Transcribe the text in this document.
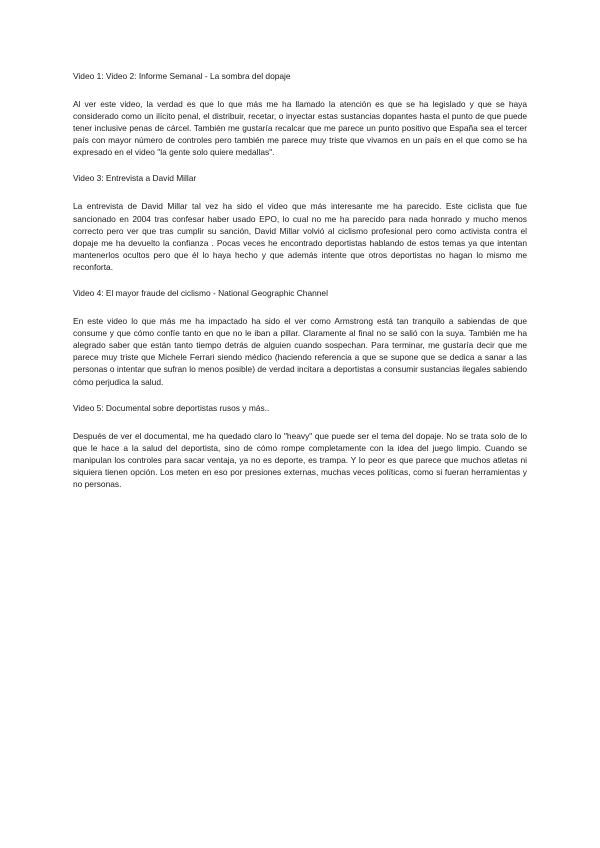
Video 1: Video 2: Informe Semanal - La sombra del dopaje

Al ver este video, la verdad es que lo que más me ha llamado la atención es que se ha legislado y que se haya considerado como un ilícito penal, el distribuir, recetar, o inyectar estas sustancias dopantes hasta el punto de que puede tener inclusive penas de cárcel. También me gustaría recalcar que me parece un punto positivo que España sea el tercer país con mayor número de controles pero también me parece muy triste que vivamos en un país en el que como se ha expresado en el video "la gente solo quiere medallas".

Video 3: Entrevista a David Millar

La entrevista de David Millar tal vez ha sido el video que más interesante me ha parecido. Este ciclista que fue sancionado en 2004 tras confesar haber usado EPO, lo cual no me ha parecido para nada honrado y mucho menos correcto pero ver que tras cumplir su sanción, David Millar volvió al ciclismo profesional pero como activista contra el dopaje me ha devuelto la confianza . Pocas veces he encontrado deportistas hablando de estos temas ya que intentan mantenerlos ocultos pero que él lo haya hecho y que además intente que otros deportistas no hagan lo mismo me reconforta.

Video 4: El mayor fraude del ciclismo - National Geographic Channel

En este video lo que más me ha impactado ha sido el ver como Armstrong está tan tranquilo a sabiendas de que consume y que cómo confíe tanto en que no le iban a pillar. Claramente al final no se salió con la suya. También me ha alegrado saber que están tanto tiempo detrás de alguien cuando sospechan. Para terminar, me gustaría decir que me parece muy triste que Michele Ferrari siendo médico (haciendo referencia a que se supone que se dedica a sanar a las personas o intentar que sufran lo menos posible) de verdad incitara a deportistas a consumir sustancias ilegales sabiendo cómo perjudica la salud.

Video 5: Documental sobre deportistas rusos y más..

Después de ver el documental, me ha quedado claro lo "heavy" que puede ser el tema del dopaje. No se trata solo de lo que le hace a la salud del deportista, sino de cómo rompe completamente con la idea del juego limpio. Cuando se manipulan los controles para sacar ventaja, ya no es deporte, es trampa. Y lo peor es que parece que muchos atletas ni siquiera tienen opción. Los meten en eso por presiones externas, muchas veces políticas, como si fueran herramientas y no personas.
